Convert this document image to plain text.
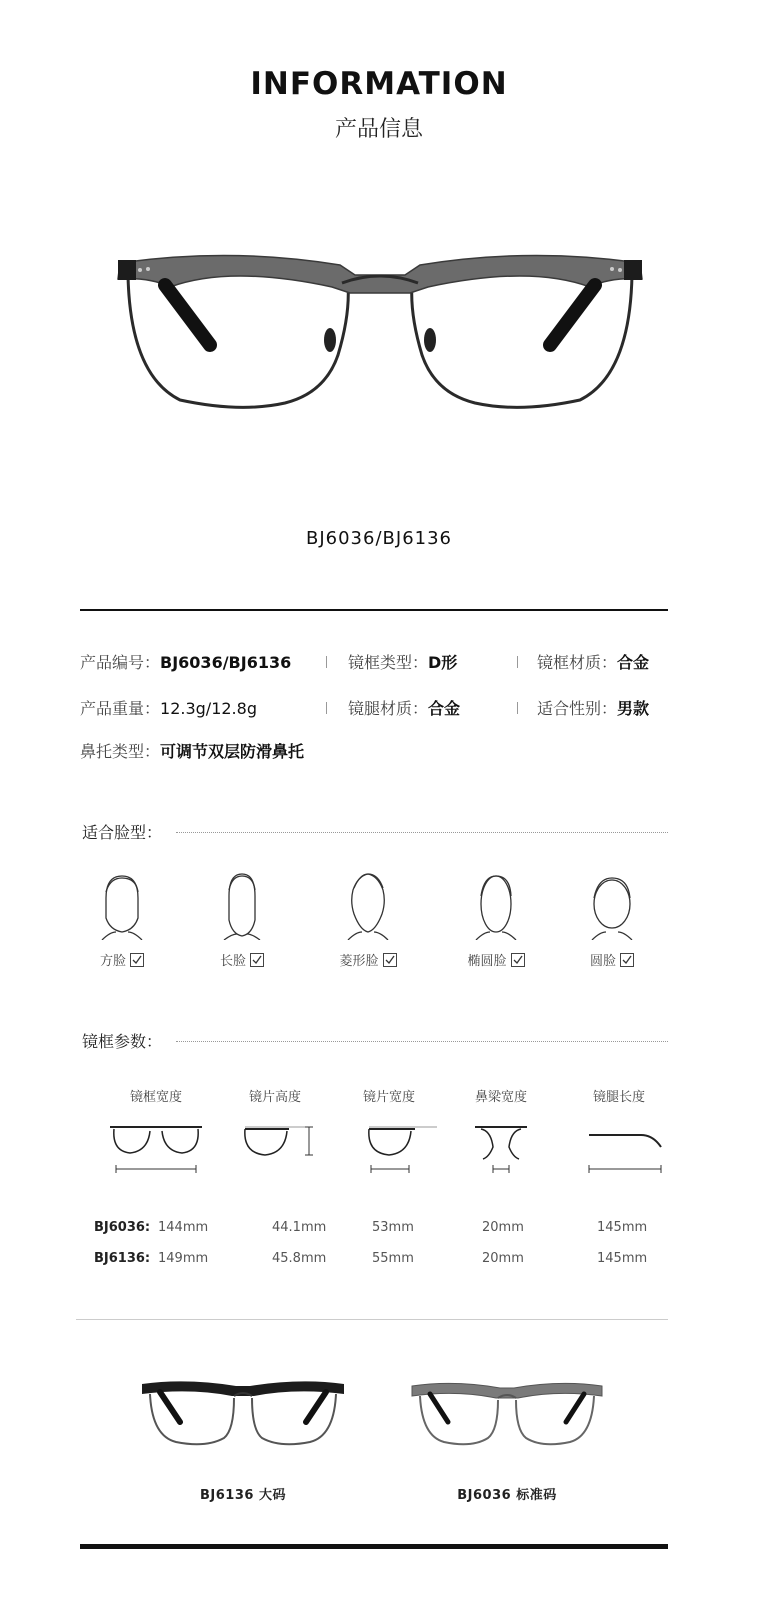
INFORMATION
产品信息
BJ6036/BJ6136
产品编号：BJ6036/BJ6136	镜框类型：D形	镜框材质：合金
产品重量：12.3g/12.8g	镜腿材质：合金	适合性别：男款
鼻托类型：可调节双层防滑鼻托
适合脸型：
方脸	长脸	菱形脸	椭圆脸	圆脸
镜框参数：
镜框宽度	镜片高度	镜片宽度	鼻梁宽度	镜腿长度
BJ6036: 144mm	44.1mm	53mm	20mm	145mm
BJ6136: 149mm	45.8mm	55mm	20mm	145mm
BJ6136 大码	BJ6036 标准码
